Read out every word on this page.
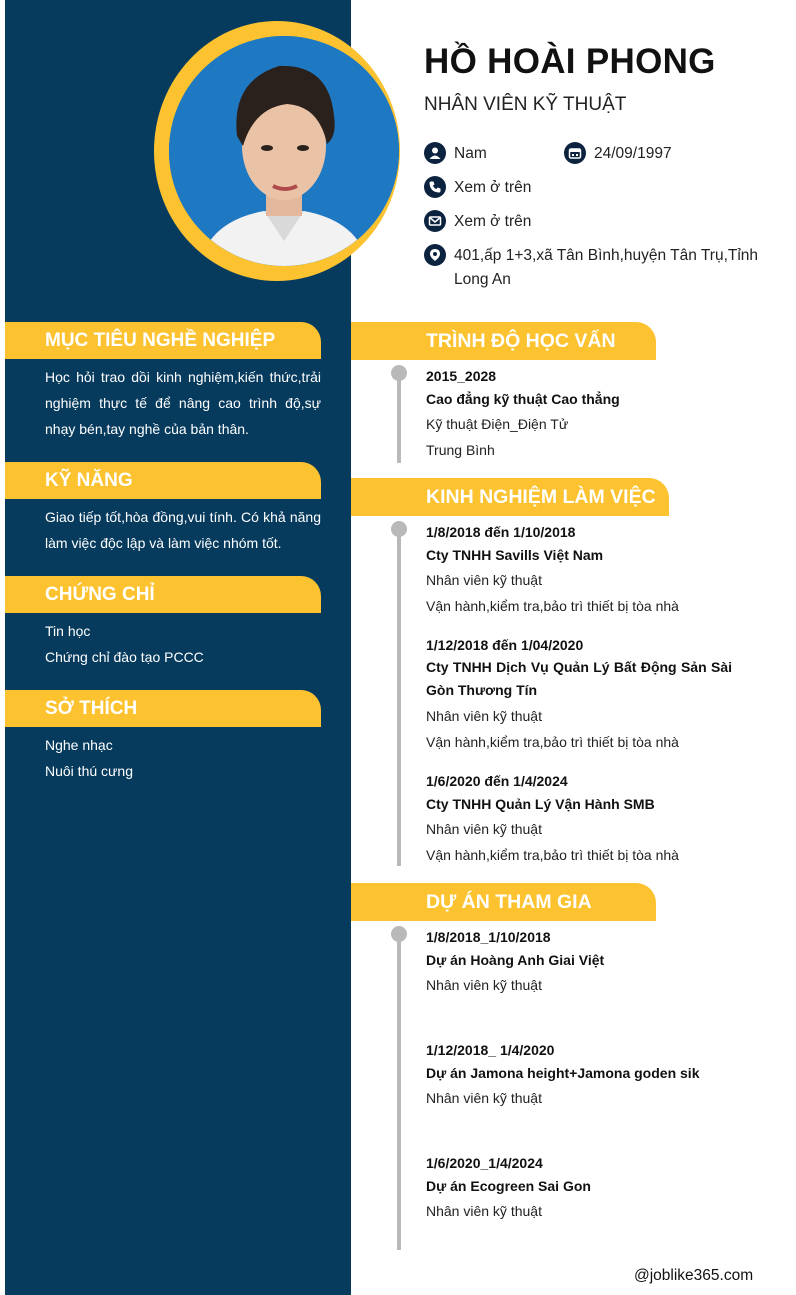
HỒ HOÀI PHONG
NHÂN VIÊN KỸ THUẬT
Nam	24/09/1997
Xem ở trên
Xem ở trên
401,ấp 1+3,xã Tân Bình,huyện Tân Trụ,Tỉnh Long An
MỤC TIÊU NGHỀ NGHIỆP
Học hỏi trao dồi kinh nghiệm,kiến thức,trải nghiệm thực tế để nâng cao trình độ,sự nhạy bén,tay nghề của bản thân.
KỸ NĂNG
Giao tiếp tốt,hòa đồng,vui tính. Có khả năng làm việc độc lập và làm việc nhóm tốt.
CHỨNG CHỈ
Tin học
Chứng chỉ đào tạo PCCC
SỞ THÍCH
Nghe nhạc
Nuôi thú cưng
TRÌNH ĐỘ HỌC VẤN
2015_2028
Cao đẳng kỹ thuật Cao thẳng
Kỹ thuật Điện_Điện Tử
Trung Bình
KINH NGHIỆM LÀM VIỆC
1/8/2018 đến 1/10/2018
Cty TNHH Savills Việt Nam
Nhân viên kỹ thuật
Vận hành,kiểm tra,bảo trì thiết bị tòa nhà
1/12/2018 đến 1/04/2020
Cty TNHH Dịch Vụ Quản Lý Bất Động Sản Sài Gòn Thương Tín
Nhân viên kỹ thuật
Vận hành,kiểm tra,bảo trì thiết bị tòa nhà
1/6/2020 đến 1/4/2024
Cty TNHH Quản Lý Vận Hành SMB
Nhân viên kỹ thuật
Vận hành,kiểm tra,bảo trì thiết bị tòa nhà
DỰ ÁN THAM GIA
1/8/2018_1/10/2018
Dự án Hoàng Anh Giai Việt
Nhân viên kỹ thuật
1/12/2018_ 1/4/2020
Dự án Jamona height+Jamona goden sik
Nhân viên kỹ thuật
1/6/2020_1/4/2024
Dự án Ecogreen Sai Gon
Nhân viên kỹ thuật
@joblike365.com
